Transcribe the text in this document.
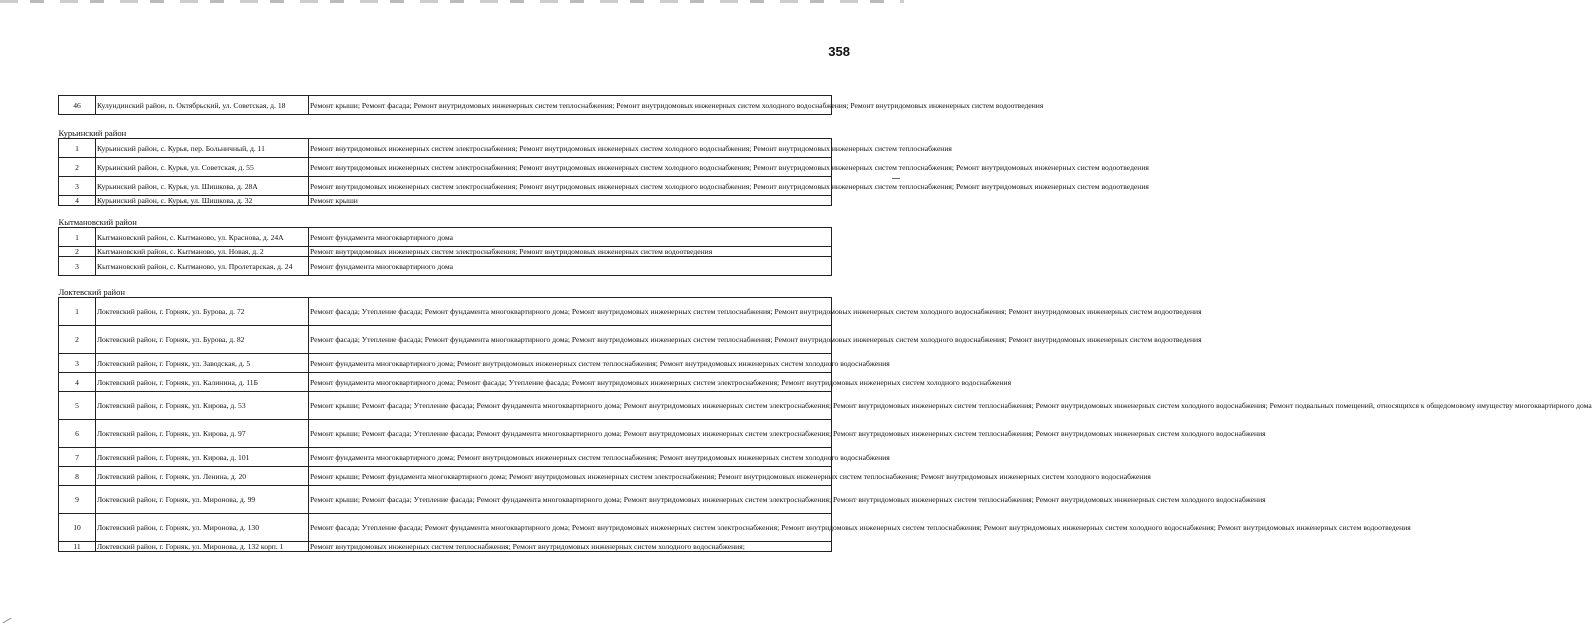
358
46	Кулундинский район, п. Октябрьский, ул. Советская, д. 18	Ремонт крыши; Ремонт фасада; Ремонт внутридомовых инженерных систем теплоснабжения; Ремонт внутридомовых инженерных систем холодного водоснабжения; Ремонт внутридомовых инженерных систем водоотведения
Курьинский район		
1	Курьинский район, с. Курья, пер. Больничный, д. 11	Ремонт внутридомовых инженерных систем электроснабжения; Ремонт внутридомовых инженерных систем холодного водоснабжения; Ремонт внутридомовых инженерных систем теплоснабжения
2	Курьинский район, с. Курья, ул. Советская, д. 55	Ремонт внутридомовых инженерных систем электроснабжения; Ремонт внутридомовых инженерных систем холодного водоснабжения; Ремонт внутридомовых инженерных систем теплоснабжения; Ремонт внутридомовых инженерных систем водоотведения
3	Курьинский район, с. Курья, ул. Шишкова, д. 28А	Ремонт внутридомовых инженерных систем электроснабжения; Ремонт внутридомовых инженерных систем холодного водоснабжения; Ремонт внутридомовых инженерных систем теплоснабжения; Ремонт внутридомовых инженерных систем водоотведения
4	Курьинский район, с. Курья, ул. Шишкова, д. 32	Ремонт крыши
Кытмановский район		
1	Кытмановский район, с. Кытманово, ул. Краснова, д. 24А	Ремонт фундамента многоквартирного дома
2	Кытмановский район, с. Кытманово, ул. Новая, д. 2	Ремонт внутридомовых инженерных систем электроснабжения; Ремонт внутридомовых инженерных систем водоотведения
3	Кытмановский район, с. Кытманово, ул. Пролетарская, д. 24	Ремонт фундамента многоквартирного дома
Локтевский район		
1	Локтевский район, г. Горняк, ул. Бурова, д. 72	Ремонт фасада; Утепление фасада; Ремонт фундамента многоквартирного дома; Ремонт внутридомовых инженерных систем теплоснабжения; Ремонт внутридомовых инженерных систем холодного водоснабжения; Ремонт внутридомовых инженерных систем водоотведения
2	Локтевский район, г. Горняк, ул. Бурова, д. 82	Ремонт фасада; Утепление фасада; Ремонт фундамента многоквартирного дома; Ремонт внутридомовых инженерных систем теплоснабжения; Ремонт внутридомовых инженерных систем холодного водоснабжения; Ремонт внутридомовых инженерных систем водоотведения
3	Локтевский район, г. Горняк, ул. Заводская, д. 5	Ремонт фундамента многоквартирного дома; Ремонт внутридомовых инженерных систем теплоснабжения; Ремонт внутридомовых инженерных систем холодного водоснабжения
4	Локтевский район, г. Горняк, ул. Калинина, д. 11Б	Ремонт фундамента многоквартирного дома; Ремонт фасада; Утепление фасада; Ремонт внутридомовых инженерных систем электроснабжения; Ремонт внутридомовых инженерных систем холодного водоснабжения
5	Локтевский район, г. Горняк, ул. Кирова, д. 53	Ремонт крыши; Ремонт фасада; Утепление фасада; Ремонт фундамента многоквартирного дома; Ремонт внутридомовых инженерных систем электроснабжения; Ремонт внутридомовых инженерных систем теплоснабжения; Ремонт внутридомовых инженерных систем холодного водоснабжения; Ремонт подвальных помещений, относящихся к общедомовому имуществу многоквартирного дома
6	Локтевский район, г. Горняк, ул. Кирова, д. 97	Ремонт крыши; Ремонт фасада; Утепление фасада; Ремонт фундамента многоквартирного дома; Ремонт внутридомовых инженерных систем электроснабжения; Ремонт внутридомовых инженерных систем теплоснабжения; Ремонт внутридомовых инженерных систем холодного водоснабжения
7	Локтевский район, г. Горняк, ул. Кирова, д. 101	Ремонт фундамента многоквартирного дома; Ремонт внутридомовых инженерных систем теплоснабжения; Ремонт внутридомовых инженерных систем холодного водоснабжения
8	Локтевский район, г. Горняк, ул. Ленина, д. 20	Ремонт крыши; Ремонт фундамента многоквартирного дома; Ремонт внутридомовых инженерных систем электроснабжения; Ремонт внутридомовых инженерных систем теплоснабжения; Ремонт внутридомовых инженерных систем холодного водоснабжения
9	Локтевский район, г. Горняк, ул. Миронова, д. 99	Ремонт крыши; Ремонт фасада; Утепление фасада; Ремонт фундамента многоквартирного дома; Ремонт внутридомовых инженерных систем электроснабжения; Ремонт внутридомовых инженерных систем теплоснабжения; Ремонт внутридомовых инженерных систем холодного водоснабжения
10	Локтевский район, г. Горняк, ул. Миронова, д. 130	Ремонт фасада; Утепление фасада; Ремонт фундамента многоквартирного дома; Ремонт внутридомовых инженерных систем электроснабжения; Ремонт внутридомовых инженерных систем теплоснабжения; Ремонт внутридомовых инженерных систем холодного водоснабжения; Ремонт внутридомовых инженерных систем водоотведения
11	Локтевский район, г. Горняк, ул. Миронова, д. 132 корп. 1	Ремонт внутридомовых инженерных систем теплоснабжения; Ремонт внутридомовых инженерных систем холодного водоснабжения;
